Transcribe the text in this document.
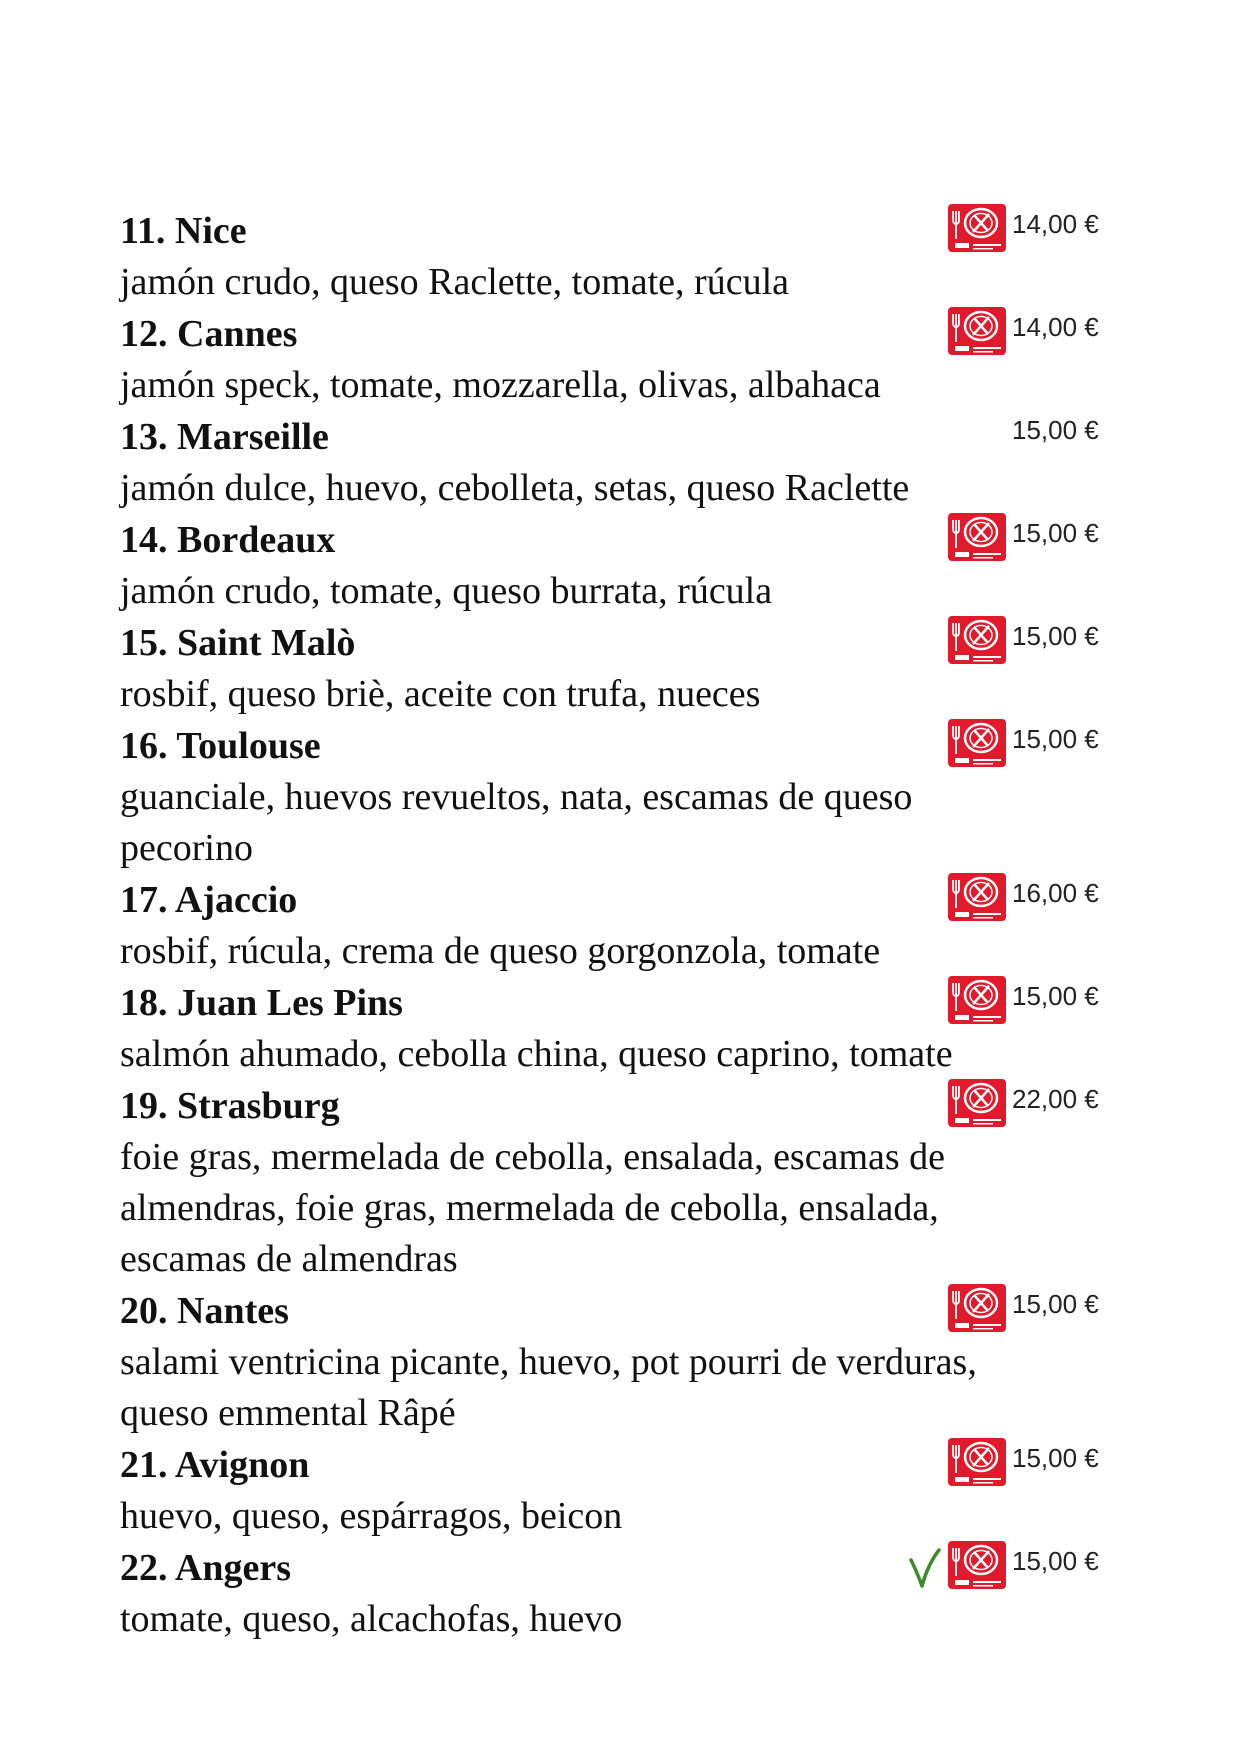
11. Nice
jamón crudo, queso Raclette, tomate, rúcula
14,00 €
12. Cannes
jamón speck, tomate, mozzarella, olivas, albahaca
14,00 €
13. Marseille
jamón dulce, huevo, cebolleta, setas, queso Raclette
15,00 €
14. Bordeaux
jamón crudo, tomate, queso burrata, rúcula
15,00 €
15. Saint Malò
rosbif, queso briè, aceite con trufa, nueces
15,00 €
16. Toulouse
guanciale, huevos revueltos, nata, escamas de queso pecorino
15,00 €
17. Ajaccio
rosbif, rúcula, crema de queso gorgonzola, tomate
16,00 €
18. Juan Les Pins
salmón ahumado, cebolla china, queso caprino, tomate
15,00 €
19. Strasburg
foie gras, mermelada de cebolla, ensalada, escamas de almendras, foie gras, mermelada de cebolla, ensalada, escamas de almendras
22,00 €
20. Nantes
salami ventricina picante, huevo, pot pourri de verduras, queso emmental Râpé
15,00 €
21. Avignon
huevo, queso, espárragos, beicon
15,00 €
22. Angers
tomate, queso, alcachofas, huevo
15,00 €
